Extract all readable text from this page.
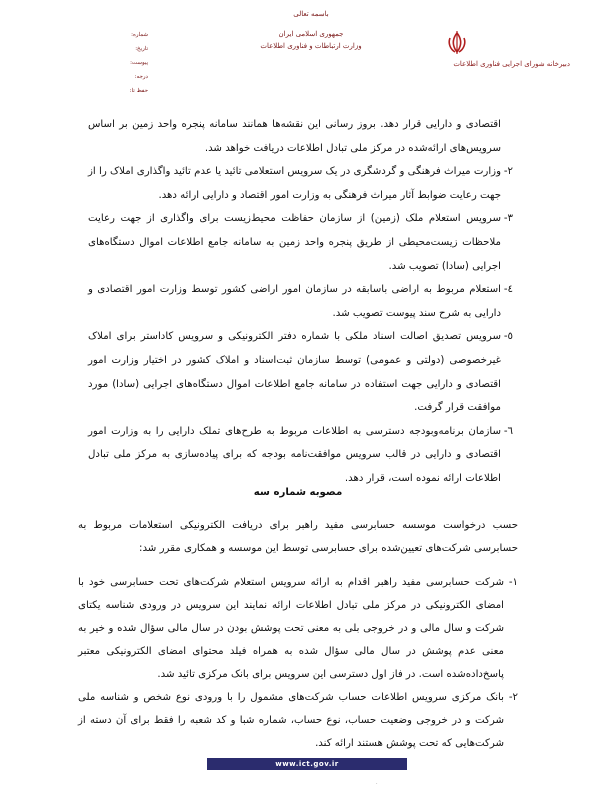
دبیرخانه شورای اجرایی فناوری اطلاعات
باسمه تعالی
جمهوری اسلامی ایران
وزارت ارتباطات و فناوری اطلاعات
شماره:
تاریخ:
پیوست:
درجه:
حفظ تا:

اقتصادی و دارایی قرار دهد. بروز رسانی این نقشه‌ها همانند سامانه پنجره واحد زمین بر اساس سرویس‌های ارائه‌شده در مرکز ملی تبادل اطلاعات دریافت خواهد شد.

٢-
وزارت میراث فرهنگی و گردشگری در یک سرویس استعلامی تائید یا عدم تائید واگذاری املاک را از جهت رعایت ضوابط آثار میراث فرهنگی به وزارت امور اقتصاد و دارایی ارائه دهد.
٣-
سرویس استعلام ملک (زمین) از سازمان حفاظت محیط‌زیست برای واگذاری از جهت رعایت ملاحظات زیست‌محیطی از طریق پنجره واحد زمین به سامانه جامع اطلاعات اموال دستگاه‌های اجرایی (سادا) تصویب شد.
٤-
استعلام مربوط به اراضی باسابقه در سازمان امور اراضی کشور توسط وزارت امور اقتصادی و دارایی به شرح سند پیوست تصویب شد.
٥-
سرویس تصدیق اصالت اسناد ملکی با شماره دفتر الکترونیکی و سرویس کاداستر برای املاک غیرخصوصی (دولتی و عمومی) توسط سازمان ثبت‌اسناد و املاک کشور در اختیار وزارت امور اقتصادی و دارایی جهت استفاده در سامانه جامع اطلاعات اموال دستگاه‌های اجرایی (سادا) مورد موافقت قرار گرفت.
٦-
سازمان برنامه‌وبودجه دسترسی به اطلاعات مربوط به طرح‌های تملک دارایی را به وزارت امور اقتصادی و دارایی در قالب سرویس موافقت‌نامه بودجه که برای پیاده‌سازی به مرکز ملی تبادل اطلاعات ارائه نموده است، قرار دهد.
مصوبه شماره سه

حسب درخواست موسسه حسابرسی مفید راهبر برای دریافت الکترونیکی استعلامات مربوط به حسابرسی شرکت‌های تعیین‌شده برای حسابرسی توسط این موسسه و همکاری مقرر شد:

١-
شرکت حسابرسی مفید راهبر اقدام به ارائه سرویس استعلام شرکت‌های تحت حسابرسی خود با امضای الکترونیکی در مرکز ملی تبادل اطلاعات ارائه نمایند این سرویس در ورودی شناسه یکتای شرکت و سال مالی و در خروجی بلی به معنی تحت پوشش بودن در سال مالی سؤال شده و خیر به معنی عدم پوشش در سال مالی سؤال شده به همراه فیلد محتوای امضای الکترونیکی معتبر پاسخ‌داده‌شده است. در فاز اول دسترسی این سرویس برای بانک مرکزی تائید شد.
٢-
بانک مرکزی سرویس اطلاعات حساب شرکت‌های مشمول را با ورودی نوع شخص و شناسه ملی شرکت و در خروجی وضعیت حساب، نوع حساب، شماره شبا و کد شعبه را فقط برای آن دسته از شرکت‌هایی که تحت پوشش هستند ارائه کند.
www.ict.gov.ir
.
